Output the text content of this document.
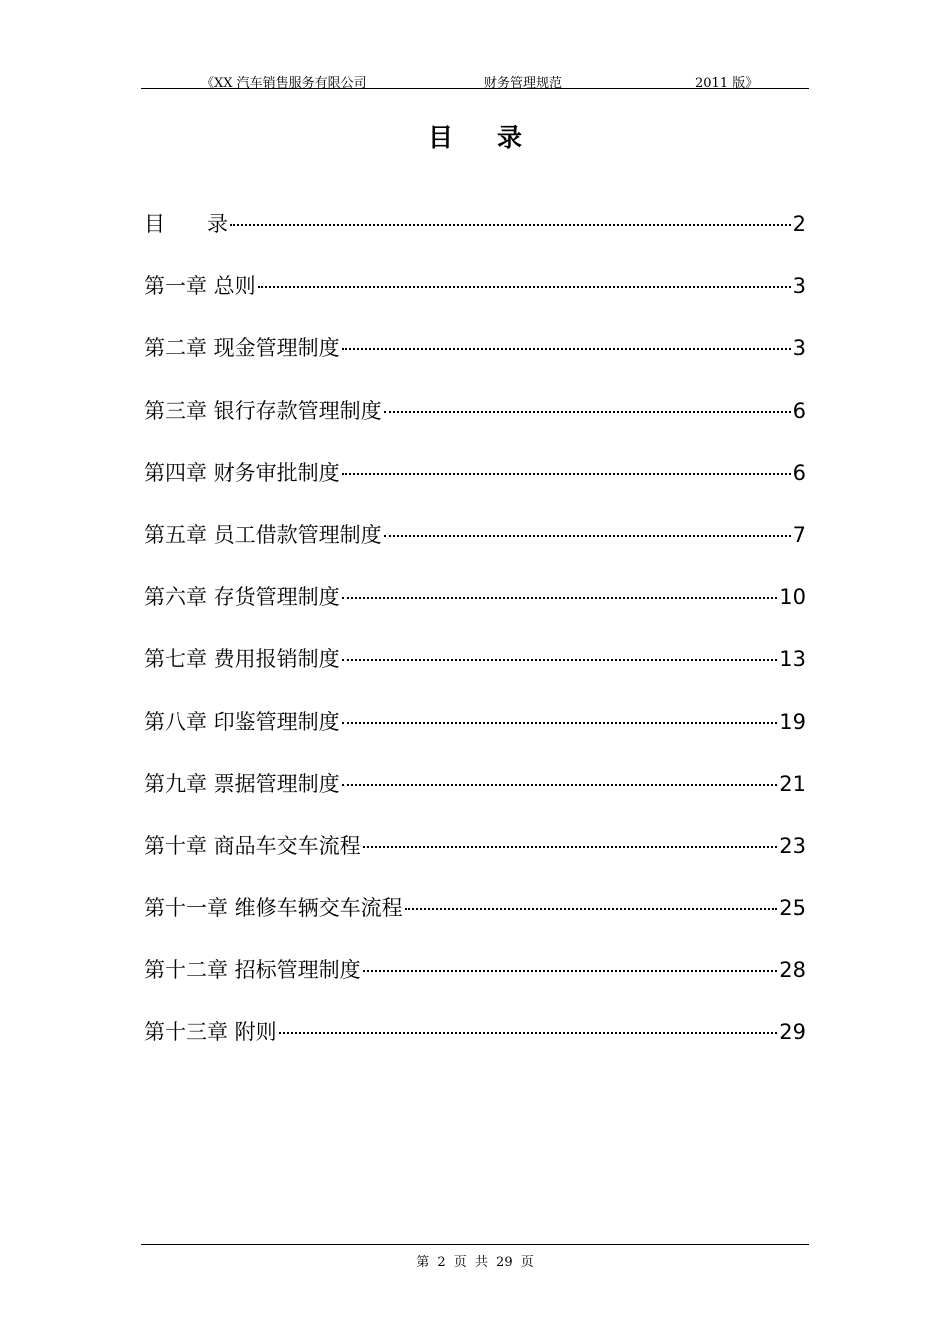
《XX 汽车销售服务有限公司	财务管理规范	2011 版》
目录
目　　录	2
第一章 总则	3
第二章 现金管理制度	3
第三章 银行存款管理制度	6
第四章 财务审批制度	6
第五章 员工借款管理制度	7
第六章 存货管理制度	10
第七章 费用报销制度	13
第八章 印鉴管理制度	19
第九章 票据管理制度	21
第十章 商品车交车流程	23
第十一章 维修车辆交车流程	25
第十二章 招标管理制度	28
第十三章 附则	29
第 2 页 共 29 页
